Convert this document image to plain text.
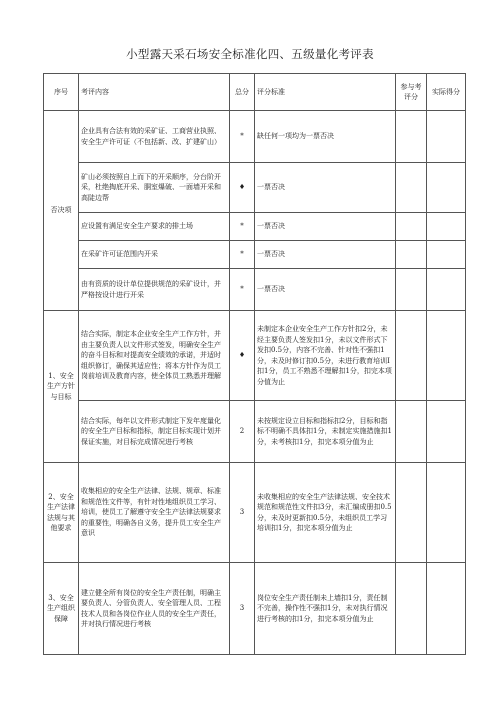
小型露天采石场安全标准化四、五级量化考评表
序号	考评内容	总分	评分标准	参与考评分	实际得分
否决项	企业具有合法有效的采矿证、工商营业执照、安全生产许可证（不包括新、改、扩建矿山）	*	缺任何一项均为一票否决		
	矿山必须按照自上而下的开采顺序，分台阶开采，杜绝掏底开采、胴室爆破、一面墙开采和高陡边帮	♦	一票否决		
	应设置有满足安全生产要求的排土场	*	一票否决		
	在采矿许可证范围内开采	*	一票否决		
	由有资质的设计单位提供规范的采矿设计，并严格按设计进行开采	*	一票否决		
1、安全生产方针与目标	结合实际，制定本企业安全生产工作方针，并由主要负责人以文件形式签发，明确安全生产的奋斗目标和对提高安全绩效的承诺，并适时组织修订，确保其适应性；将本方针作为员工岗前培训及教育内容，使全体员工熟悉并理解	♦	未制定本企业安全生产工作方针扣2分，未经主要负责人签发扣1分，未以文件形式下发扣0.5分，内容不完善、针对性不强扣1分，未及时修订扣0.5分，未进行教育培训Ⅰ扣1分，员工不熟悉不理解扣1分，扣完本项分值为止		
	结合实际，每年以文件形式制定下发年度量化的安全生产目标和指标，制定目标实现计划并保证实施，对目标完成情况进行考核	2	未按规定设立目标和指标扣2分，目标和指标不明确不具体扣1分，未制定实施措施扣1分，未考核扣1分，扣完本项分值为止		
2、安全生产法律法规与其他要求	收集相应的安全生产法律、法规、规章、标准和规范性文件等，有针对性地组织员工学习、培训，使员工了解遵守安全生产法律法规要求的重要性，明确各自义务，提升员工安全生产意识	3	未收集相应的安全生产法律法规、安全技术规范和规范性文件扣3分，未汇编成册扣0.5分，未及时更新扣0.5分，未组织员工学习培训扣1分，扣完本项分值为止		
3、安全生产组织保障	建立健全所有岗位的安全生产责任制，明确主要负责人、分管负责人、安全管理人员、工程技术人员和各岗位作业人员的安全生产责任，并对执行情况进行考核	3	岗位安全生产责任制未上墙扣1分，责任制不完善，操作性不强扣1分，未对执行情况进行考核的扣1分，扣完本项分值为止		
